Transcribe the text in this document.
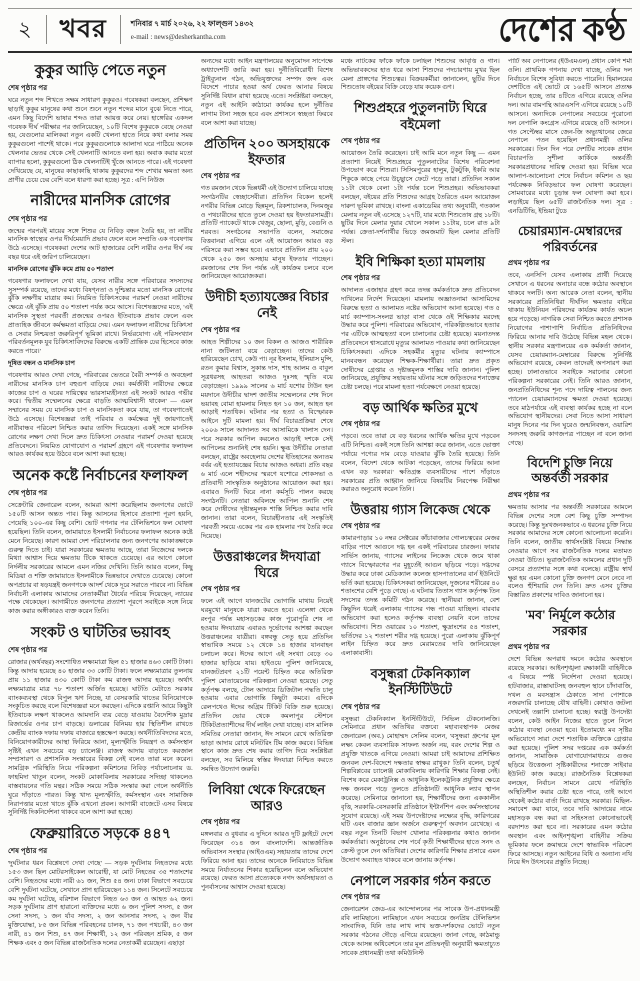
২	খবর	শনিবার ৭ মার্চ ২০২৬, ২২ ফাল্গুন ১৪৩২
e-mail : news@desherkantha.com	দেশের কণ্ঠ
কুকুর আড়ি পেতে নতুন
শেষ পৃষ্ঠার পর

ঘরে নতুন শব্দ শিখতে সক্ষম সাধারণ কুকুরও। গবেষকরা বলছেন, প্রশিক্ষণ ছাড়াই কুকুর মানুষের কথা শুনে শুনে নতুন শব্দের মানে বুঝে নিতে পারে, এমন কিছু বিদেশি ভাষার শব্দও তারা আয়ত্ত করে নেয়। হাঙ্গেরির একদল গবেষক দীর্ঘ পরীক্ষার পর জানিয়েছেন, ১০টি বিশেষ কুকুরকে বেছে নেওয়া হয়, যেগুলোর মালিকরা নতুন একটি খেলনা হাতে নিয়ে কথা বলার সময় কুকুরগুলো পাশেই থাকে। পরে কুকুরগুলোকে আলাদা ঘরে পাঠিয়ে অনেক খেলনার ভেতর থেকে সেই খেলনাটি আনতে বলা হয়। অবাক করার মতো ব্যাপার হলো, কুকুরগুলো ঠিক খেলনাটিই খুঁজে আনতে পারে। এই গবেষণা দেখিয়েছে যে, মানুষের কাছাকাছি থাকায় কুকুরদের শব্দ শেখার ক্ষমতা অন্য প্রাণীর চেয়ে ঢের বেশি বলে ধারণা করা হচ্ছে। সূত্র : এপি নিউজ

নারীদের মানসিক রোগের
শেষ পৃষ্ঠার পর

জন্মের পরপরই মায়ের সঙ্গে শিশুর যে নিবিড় বন্ধন তৈরি হয়, তা নারীর মানসিক স্বাস্থ্যের ওপর দীর্ঘমেয়াদি প্রভাব ফেলে বলে সম্প্রতি এক গবেষণায় উঠে এসেছে। গবেষকরা দেশের আট হাজারের বেশি নারীর ওপর দীর্ঘ নয় বছর ধরে এই জরিপ চালিয়েছেন।

মানসিক রোগের ঝুঁকি কমে প্রায় ৫০ শতাংশ

গবেষণার ফলাফলে দেখা যায়, যেসব নারীর সঙ্গে পরিবারের সদস্যদের সুসম্পর্ক রয়েছে, তাদের মধ্যে বিষণ্নতা ও দুশ্চিন্তার মতো মানসিক রোগের ঝুঁকি লক্ষণীয় মাত্রায় কম। নিয়মিত চিকিৎসকের পরামর্শ নেওয়া নারীদের ক্ষেত্রে এই ঝুঁকি প্রায় ৫০ শতাংশ পর্যন্ত কমে আসে। বিশেষজ্ঞদের মতে, 'এই মানসিক সুস্থতা পরবর্তী প্রজন্মের ওপরও ইতিবাচক প্রভাব ফেলে এবং প্রাত্যহিক জীবনে কর্মক্ষমতা বাড়িয়ে দেয়। এমন ফলাফল নারীদের চিকিৎসা ও সেবার নিশ্চয়তা জরুরিপূর্ণ ভূমিকা রাখে। নির্ভরযোগ্য এই পরিসংখ্যান পরিবর্তনমূলক যুব চিকিৎসাবিদদের বিরুদ্ধে একটি প্রান্তিক ঢের হিসেবে কাজ করতে পারে।'

দূষিত বন্ধন ও মানসিক চাপ

গবেষণায় আরও দেখা গেছে, পরিবারের ভেতরে বৈরী সম্পর্ক ও অবহেলা নারীদের মানসিক চাপ বহুগুণ বাড়িয়ে দেয়। কর্মজীবী নারীদের ক্ষেত্রে কাজের চাপ ও ঘরের দায়িত্বের ভারসাম্যহীনতা এই সংকট আরও গভীর করে। 'দ্বিতীয় সম্মেলনের ক্ষেত্রে বাড়তি আত্মবিশ্বাসী থাকেন' — এমন সম্মানের সময় যে মানসিক চাপ ও মানসিকতা কমে যায়, তা গবেষণাতেই উঠে এসেছে। বিশেষজ্ঞরা তাই পরিবার ও কর্মক্ষেত্র দুই জায়গাতেই নারীবান্ধব পরিবেশ নিশ্চিত করার তাগিদ দিয়েছেন। একই সঙ্গে মানসিক রোগের লক্ষণ দেখা দিলে দ্রুত চিকিৎসা নেওয়ার পরামর্শ দেওয়া হয়েছে প্রতিবেদনে। নিয়মিত যোগাযোগ ও পরামর্শ গ্রহণে এই গবেষণার ফলাফল আরও কার্যকর হয়ে উঠবে বলে আশা করা হচ্ছে।

অনেক কষ্টে নির্বাচনের ফলাফল
শেষ পৃষ্ঠার পর

সেক্রেটারি জেনারেল বলেন, আমরা আশা করেছিলাম জনগণের ভোটে ১৫০টি আসন অন্তত পাব। কিন্তু আসনের হিসাবে প্রত্যাশা পূরণ হয়নি, পেয়েছি ১০০-এর কিছু বেশি। ভোট গণনার পর টেলিভিশনে ফল ঘোষণা হয়েছিল। তিনি বলেন, জামায়াতে ইসলামী নির্বাচনের ফলাফল অনেক কষ্টে মেনে নিয়েছে। কারণ আমরা দেশ পরিচালনার জন্য জনগণের আকাঙ্ক্ষাকে গুরুত্ব দিতে চাই। যারা সরকারের ক্ষমতায় আছে, তারা নিজেদের দলকে মিথ্যা আশ্বাস দিয়ে ক্ষমতায় টিকে থাকতে চেয়েছে। এর আগে কোনো নির্দলীয় সরকারের আমলে এমন নজির দেখিনি। তিনি আরও বলেন, কিছু মিডিয়া ও শক্তি জামায়াতে ইসলামীকে ভিন্নভাবে দেখাতে চেয়েছে। কোনো অপপ্রচার বা ষড়যন্ত্রই জনগণকে আদর্শ থেকে দূরে সরাতে পারবে না। বিভিন্ন নির্বাচনী এলাকায় আমাদের নেতাকর্মীরা ধৈর্যের পরিচয় দিয়েছেন, ন্যায়ের পক্ষে থেকেছেন। আগামীতে জনগণের প্রত্যাশা পূরণে সবাইকে সঙ্গে নিয়ে কাজ করার অঙ্গীকারও ব্যক্ত করেন তিনি।

সংকট ও ঘাটতির ভয়াবহ
শেষ পৃষ্ঠার পর

রোজার (অর্থবছর) সংশোধিত লক্ষ্যমাত্রা ছিল ৫১ হাজার ৪৬৩ কোটি টাকা। কিন্তু আদায় হয়েছে ৪০ হাজার ৩৩ কোটি টাকা। ফলে লক্ষ্যমাত্রার তুলনায় প্রায় ১১ হাজার ৪৩০ কোটি টাকা কম রাজস্ব আদায় হয়েছে। অর্থাৎ লক্ষ্যমাত্রার মাত্র ৭৮ শতাংশ অর্জিত হয়েছে। ঘাটতি মেটাতে সরকার ব্যাংকব্যবস্থা থেকে বিপুল ঋণ নিচ্ছে, যা বেসরকারি খাতের বিনিয়োগকে সংকুচিত করছে বলে বিশেষজ্ঞরা মনে করছেন। এদিকে রপ্তানি আয়ে কিছুটা ইতিবাচক লক্ষণ থাকলেও আমদানি ব্যয় বেড়ে যাওয়ায় বৈদেশিক মুদ্রার রিজার্ভের ওপর চাপ বাড়ছে। ডলারের বিনিময় হার স্থিতিশীল রাখতে কেন্দ্রীয় ব্যাংক দফায় দফায় বাজারে হস্তক্ষেপ করছে। অর্থনীতিবিদদের মতে, বিনিয়োগকারীদের আস্থা ফিরিয়ে আনা, মূল্যস্ফীতি নিয়ন্ত্রণ ও কর্মসংস্থান সৃষ্টিই এখন সবচেয়ে বড় চ্যালেঞ্জ। রাজস্ব আদায় বাড়াতে করজাল সম্প্রসারণ ও প্রশাসনিক সংস্কারের বিকল্প নেই বলেও তারা মনে করেন। সামগ্রিক পরিস্থিতি নিয়ে পরিকল্পনা কমিশনের নিবিড় পর্যালোচনায় ড. ফাহমিদা খাতুন বলেন, সংকট মোকাবিলায় সরকারের সদিচ্ছা থাকলেও বাস্তবায়নের গতি মন্থর। সঠিক সময়ে সঠিক সংস্কার করা গেলে অর্থনীতি ঘুরে দাঁড়াতে পারত। কিন্তু খাদ্য মূল্যস্ফীতি, কর্মসংস্থান এবং সামাজিক নিরাপত্তার মতো খাতে ঝুঁকি এখনো প্রবল। আগামী বাজেটে এসব বিষয়ে সুনির্দিষ্ট দিকনির্দেশনা থাকবে বলে আশা করা হচ্ছে।

ফেব্রুয়ারিতে সড়কে ৪৪৭
শেষ পৃষ্ঠার পর

'দুর্ঘটনার ধরন বিশ্লেষণে দেখা গেছে' — সড়ক দুর্ঘটনায় নিহতদের মধ্যে ১৫৩ জন ছিল মোটরসাইকেল আরোহী, যা মোট নিহতের ৩৫ শতাংশের বেশি। নিহতদের মধ্যে নারী ৬১ জন, শিশু ৫৪ জন। ঢাকা বিভাগে সবচেয়ে বেশি দুর্ঘটনা ঘটেছে, সেখানে প্রাণ হারিয়েছেন ১১৪ জন। সিলেটে সবচেয়ে কম দুর্ঘটনা ঘটেছে, বরিশাল বিভাগে নিহত ৬৩ জন ও আহত ৬২ জন। সড়ক দুর্ঘটনায় প্রাণ হারানো ব্যক্তিদের মধ্যে ৬ জন পুলিশ সদস্য, ৫ জন সেনা সদস্য, ১ জন র্যাব সদস্য, ২ জন আনসার সদস্য, ২ জন বীর মুক্তিযোদ্ধা, ৮৫ জন বিভিন্ন পরিবহনের চালক, ৭১ জন পথচারী, ৪৩ জন নারী, ৪১ জন শিশু, ৪৭ জন শিক্ষার্থী, ১২ জন পরিবহন শ্রমিক, ৫ জন শিক্ষক এবং ৫ জন বিভিন্ন রাজনৈতিক দলের নেতাকর্মী রয়েছেন। এছাড়া

অন্যদের মধ্যে আইন মন্ত্রণালয়ের অনুমোদন সাপেক্ষে অধ্যাদেশটি জারি করা হয়। দুর্নীতিবিরোধী বিশেষ ট্রাইব্যুনাল গঠন, অভিযুক্তদের সম্পদ জব্দ এবং বিদেশে পাচার হওয়া অর্থ ফেরত আনার বিষয়ে সুনির্দিষ্ট বিধান রাখা হয়েছে এতে। সংশ্লিষ্টরা বলছেন, নতুন এই আইনি কাঠামো কার্যকর হলে দুর্নীতির লাগাম টানা সহজ হবে এবং প্রশাসনে স্বচ্ছতা ফিরবে বলে আশা করা যাচ্ছে।

প্রতিদিন ২০০ অসহায়কে ইফতার
শেষ পৃষ্ঠার পর

গত রমজান থেকে ভিন্নধর্মী এই উদ্যোগ চালিয়ে যাচ্ছে সংগঠনটির স্বেচ্ছাসেবীরা। প্রতিদিন বিকেল হলেই নগরীর বিভিন্ন মোড়ে ছিন্নমূল, রিকশাচালক, দিনমজুর ও পথচারীদের হাতে তুলে দেওয়া হয় ইফতারসামগ্রী। প্রতিটি প্যাকেটে থাকে খেজুর, ছোলা, মুড়ি, বেগুনি ও শরবত। সংগঠনের সভাপতি বলেন, সমাজের বিত্তবানরা এগিয়ে এলে এই আয়োজন আরও বড় পরিসরে করা সম্ভব হবে। এভাবে প্রতিদিন প্রায় ২০০ থেকে ২৫০ জন অসহায় মানুষ ইফতার পাচ্ছেন। রমজানের শেষ দিন পর্যন্ত এই কার্যক্রম চলবে বলে জানিয়েছেন আয়োজকরা।

উদীচী হত্যাযজ্ঞের বিচার নেই
শেষ পৃষ্ঠার পর

আহত শিল্পীদের ১০ জন বিকল ও আজও শারীরিক নানা জটিলতা বয়ে বেড়াচ্ছেন। তাদের কেউ হারিয়েছেন চোখ, কেউ পা। নূর ইসলাম, ইলিয়াস মুন্সি, রতন কুমার বিশ্বাস, সুকান্ত দাস, শাহ আলম ও বাবুল সূত্রধরসহ আহতরা আজও দুঃসহ স্মৃতি বয়ে বেড়াচ্ছেন। ১৯৯৯ সালের ৬ মার্চ যশোর টাউন হল ময়দানে উদীচীর দ্বাদশ জাতীয় সম্মেলনের শেষ দিনে ভয়াবহ বোমা হামলায় নিহত হন ১০ জন, আহত হন আড়াই শতাধিক। ঘটনার পর হত্যা ও বিস্ফোরক আইনে দুটি মামলা হয়। দীর্ঘ বিচারপ্রক্রিয়া শেষে ২০০৬ সালে আদালত সব আসামিকে খালাস দেন। পরে সরকার আপিল করলেও আড়াই দশকে সেই আপিলের শুনানিই শেষ হয়নি। ক্ষুব্ধ উদীচীর নেতারা বলছেন, রাষ্ট্রের অবহেলায় দেশের ইতিহাসের অন্যতম বর্বর এই হত্যাযজ্ঞের বিচার আজও অধরা। প্রতি বছর ৬ মার্চ এলে শহীদদের স্মরণে যশোরে শোকসভা ও প্রতিবাদী সাংস্কৃতিক অনুষ্ঠানের আয়োজন করা হয়। এবারও দিনটি ঘিরে নানা কর্মসূচি পালন করছে সংগঠনটি। নেতারা অবিলম্বে আপিল শুনানি শেষ করে দোষীদের দৃষ্টান্তমূলক শাস্তি নিশ্চিত করার দাবি জানান। তারা বলেন, বিচারহীনতার এই সংস্কৃতিই পরবর্তী সময়ে একের পর এক হামলার পথ তৈরি করে দিয়েছে।

উত্তরাঞ্চলের ঈদযাত্রা ঘিরে
শেষ পৃষ্ঠার পর

ফলে এই আগে যানজটের ভোগান্তি মাথায় নিয়েই ঘরমুখো মানুষকে যাত্রা করতে হবে। এলেঙ্গা থেকে রংপুর পর্যন্ত মহাসড়কের কাজ পুরোপুরি শেষ না হওয়ায় ঈদযাত্রায় এবারও দুর্ভোগের আশঙ্কা করছেন উত্তরাঞ্চলের যাত্রীরা। বঙ্গবন্ধু সেতু হয়ে প্রতিদিন স্বাভাবিক সময়ে ১২ থেকে ১৪ হাজার যানবাহন চলাচল করে। ঈদের আগে এই সংখ্যা বেড়ে ৩০ হাজার ছাড়িয়ে যায়। হাইওয়ে পুলিশ জানিয়েছে, যানজটপ্রবণ ২১টি পয়েন্ট চিহ্নিত করে অতিরিক্ত পুলিশ মোতায়েনের পরিকল্পনা নেওয়া হয়েছে। সেতু কর্তৃপক্ষ বলছে, টোল আদায়ে ডিজিটাল পদ্ধতি চালু হওয়ায় এবার ভোগান্তি কিছুটা কমবে। এদিকে রেলপথেও ঈদের অগ্রিম টিকিট বিক্রি শুরু হয়েছে। প্রতিদিন ভোর থেকে কমলাপুর স্টেশনে টিকিটপ্রত্যাশীদের দীর্ঘ লাইন দেখা যাচ্ছে। বাস মালিক সমিতির নেতারা জানান, ঈদ সামনে রেখে অতিরিক্ত ভাড়া আদায় রোধে মনিটরিং টিম কাজ করবে। বিভিন্ন স্থানে কাজ দ্রুত শেষ করার তাগিদ দিয়ে সংশ্লিষ্টরা বলছেন, সব মিলিয়ে স্বস্তির ঈদযাত্রা নিশ্চিত করতে সমন্বিত উদ্যোগ জরুরি।

লিবিয়া থেকে ফিরেছেন আরও
শেষ পৃষ্ঠার পর

মঙ্গলবার ও বুধবার এ দুদিনে আরও দুটি ফ্লাইটে দেশে ফিরেছেন ৩১৪ জন বাংলাদেশি। আন্তর্জাতিক অভিবাসন সংস্থার (আইওএম) সহায়তায় তাদের দেশে ফিরিয়ে আনা হয়। তাদের অনেকে লিবিয়াতে বিভিন্ন সময়ে নির্যাতনের শিকার হয়েছিলেন বলে অভিযোগ রয়েছে। ফেরত আসা প্রত্যেককে নগদ অর্থসহায়তা ও পুনর্বাসনের আশ্বাস দেওয়া হয়েছে।

মঞ্চে নাটকের ফাঁকে ফাঁকে চলছিল শিশুদের আবৃত্তি ও গান। অভিভাবকদের হাত ধরে আসা শিশুদের পদচারণায় মুখর ছিল মেলা প্রাঙ্গণের শিশুচত্বর। বিক্রয়কর্মীরা জানালেন, ছুটির দিনে শিশুতোষ বইয়ের বিক্রি বেড়ে যায় কয়েক গুণ।

শিশুপ্রহরে পুতুলনাট্য ঘিরে বইমেলা
শেষ পৃষ্ঠার পর

আয়োজন তৈরি করেছেন। চাই আমি মনে নতুন কিছু — এমন প্রত্যাশা নিয়েই শিশুপ্রহরে পুতুলনাট্যের বিশেষ পরিবেশনা উপভোগ করে শিশুরা। সিসিমপুরের হালুম, টুকটুকি, ইকরি আর শিকুকে কাছে পেয়ে উচ্ছ্বাসে ফেটে পড়ে তারা। প্রতিদিন সকাল ১১টা থেকে বেলা ১টা পর্যন্ত চলে শিশুপ্রহর। অভিভাবকরা বলছেন, বইয়ের প্রতি শিশুদের আগ্রহ তৈরিতে এমন আয়োজন দারুণ ভূমিকা রাখছে। বাংলা একাডেমির তথ্য অনুযায়ী, গতকাল মেলায় নতুন বই এসেছে ১২৭টি, যার মধ্যে শিশুতোষ গ্রন্থ ১৮টি। ছুটির দিনে মেলার দুয়ার খোলে সকাল ১১টায়, চলে রাত ৯টা পর্যন্ত। ক্রেতা-দর্শনার্থীর ভিড়ে জমজমাট ছিল মেলার প্রতিটি স্টল।

ইবি শিক্ষিকা হত্যা মামলায়
শেষ পৃষ্ঠার পর

আদালত এজাহার গ্রহণ করে তদন্ত কর্মকর্তাকে দ্রুত প্রতিবেদন দাখিলের নির্দেশ দিয়েছেন। মামলায় অজ্ঞাতনামা আসামিদের বিরুদ্ধে হত্যা ও আলামত নষ্টের অভিযোগ আনা হয়েছে। গত ৫ মার্চ ক্যাম্পাস-সংলগ্ন ভাড়া বাসা থেকে ওই শিক্ষিকার মরদেহ উদ্ধার করে পুলিশ। পরিবারের অভিযোগ, পরিকল্পিতভাবে হত্যার পর এটিকে আত্মহত্যা বলে চালানোর চেষ্টা হয়েছে। ময়নাতদন্ত প্রতিবেদনে শ্বাসরোধে মৃত্যুর আলামত পাওয়ার কথা জানিয়েছেন চিকিৎসকরা। এদিকে সহকর্মীর মৃত্যুর ঘটনায় ক্যাম্পাসে মানববন্ধন করেছেন শিক্ষক-শিক্ষার্থীরা। তারা দ্রুত প্রকৃত দোষীদের গ্রেপ্তার ও দৃষ্টান্তমূলক শাস্তির দাবি জানান। পুলিশ জানিয়েছে, প্রযুক্তির সহায়তায় ঘটনার সঙ্গে জড়িতদের শনাক্তের চেষ্টা চলছে। পরে মামলা হত্যা পর্যবেক্ষণে নেওয়া হয়েছে।

বড় আর্থিক ক্ষতির মুখে
শেষ পৃষ্ঠার পর

পড়বে। তবে তারা যে বড় ধরনের আর্থিক ক্ষতির মুখে পড়বেন এটি নিশ্চিত। একই সঙ্গে তিনি আশঙ্কা করে জানান, এতে ভোক্তা পর্যায়ে পণ্যের দাম বেড়ে যাওয়ার ঝুঁকি তৈরি হয়েছে। তিনি বলেন, 'বিদেশ থেকে আটকা পড়েছেন, তাদের ফিরিয়ে আনা এখন বড় দরকার।' ক্ষতিগ্রস্ত ব্যবসায়ীদের পাশে দাঁড়াতে সরকারের প্রতি আহ্বান জানিয়ে বিষয়টির নিরপেক্ষ নিরীক্ষা করারও অনুরোধ করেন তিনি।

উত্তরায় গ্যাস লিকেজ থেকে
শেষ পৃষ্ঠার পর

কামারপাড়ার ১০ নম্বর সেক্টরের কাঁচাবাজার গোলচত্বরের মেজর বাড়ির পাশে আগুনে দগ্ধ হন একই পরিবারের চারজন। ফায়ার সার্ভিস জানায়, গ্যাসের লাইনের লিকেজ থেকে জমে থাকা গ্যাসে বিস্ফোরণের পর মুহূর্তেই আগুন ছড়িয়ে পড়ে। দগ্ধদের উদ্ধার করে ঢাকা মেডিক্যাল কলেজ হাসপাতালের বার্ন ইউনিটে ভর্তি করা হয়েছে। চিকিৎসকরা জানিয়েছেন, দুজনের শরীরের ৪০ শতাংশের বেশি পুড়ে গেছে। এ ঘটনায় তিতাস গ্যাস কর্তৃপক্ষ তিন সদস্যের তদন্ত কমিটি গঠন করেছে। স্থানীয়রা জানান, বেশ কিছুদিন ধরেই এলাকায় গ্যাসের গন্ধ পাওয়া যাচ্ছিল। বারবার অভিযোগ করা হলেও কর্তৃপক্ষ ব্যবস্থা নেয়নি বলে তাদের অভিযোগ। শিশু ওয়ারের ১০ শতাংশ, ক্ষুদ্রাংশের ৫৪ শতাংশ, ভর্তিদের ১২ শতাংশ শরীর দগ্ধ হয়েছে। পুরো এলাকায় ঝুঁকিপূর্ণ লাইন চিহ্নিত করে দ্রুত মেরামতের দাবি জানিয়েছেন এলাকাবাসী।

বসুন্ধরা টেকনিক্যাল ইনস্টিটিউটে
শেষ পৃষ্ঠার পর

বসুন্ধরা টেকনিক্যাল ইনস্টিটিউটে, সিভিল টেকনোলজি। সেমিনারে প্রধান অতিথির বক্তব্যে মহাব্যবস্থাপক মেজর জেনারেল (অব.) মোহাম্মদ সেলিম বলেন, 'বসুন্ধরা গ্রুপের মূল লক্ষ্য কেবল ব্যবসায়িক সাফল্য অর্জন নয়, বরং দেশের শিল্প ও প্রযুক্তি খাতকে এগিয়ে নেওয়া। আমরা চাই আমাদের প্রশিক্ষিত জনবল দেশ-বিদেশে দক্ষতার স্বাক্ষর রাখুক।' তিনি বলেন, চতুর্থ শিল্পবিপ্লবের চ্যালেঞ্জ মোকাবিলায় কারিগরি শিক্ষার বিকল্প নেই। বিশেষ করে মেকাট্রনিক্স ও আধুনিক ইলেকট্রনিক প্রযুক্তির ক্ষেত্রে দক্ষ জনবল গড়ে তুলতে প্রতিষ্ঠানটি আধুনিক ল্যাব স্থাপন করেছে। সেমিনারে জানানো হয়, শিক্ষার্থীদের জন্য এককালীন বৃত্তি, সরকারি-বেসরকারি প্রতিষ্ঠানে ইন্টার্নশিপ এবং কর্মসংস্থানের সুযোগ রয়েছে। এই সময় উপদেষ্টাদের লক্ষ্যের বৃদ্ধি, কারিগরের ঘটি এবং বাজার জ্ঞান অর্জনে গুরুত্বপূর্ণ অবদান রেখেছে। এ বছর নতুন তিনটি বিভাগ খোলার পরিকল্পনার কথাও জানান কর্মকর্তারা। অনুষ্ঠানের শেষ পর্বে কৃতী শিক্ষার্থীদের হাতে সনদ ও ক্রেস্ট তুলে দেন অতিথিরা। দেশের কারিগরি শিক্ষার প্রসারে এমন উদ্যোগ অব্যাহত থাকবে বলে জানায় কর্তৃপক্ষ।

নেপালে সরকার গঠন করতে
শেষ পৃষ্ঠার পর

জেনারেশন জেড-এর আন্দোলনের পর সাবেক উপ-প্রধানমন্ত্রী রবি লামিছানে। লামিছানে এখন সবচেয়ে জনপ্রিয় টেলিভিশন সাংবাদিক, যিনি তার লাখ লাখ ভক্ত-দর্শকদের ভোটে নতুন সরকার গঠনের দৌড়ে এগিয়ে রয়েছেন। জানা গেছে, কাঠমান্ডু থেকে আসন্ন অধিবেশনে তার মূল প্রতিদ্বন্দ্বী অনুযায়ী ক্ষমতাচ্যুত সাবেক প্রধানমন্ত্রী তথা কমিউনিস্ট

পার্টি অব নেপালের (ইউএমএল) প্রধান কেপি শর্মা ওলি। প্রাথমিক গণনায় দেখা যাচ্ছে, ওলির দল নির্বাচনে বিশেষ সুবিধা করতে পারেনি। হিমালয়ের দেশটিতে এই ভোটে যে ১৬৫টি আসনে প্রত্যক্ষ নির্বাচন হচ্ছে, তার ৪টিতে এগিয়ে রয়েছে ওলির দল। আর বামপন্থি আরএসপি এগিয়ে রয়েছে ১০টি আসনে। অন্যদিকে নেপালের সবচেয়ে পুরোনো দল নেপালি কংগ্রেস এগিয়ে রয়েছে ৫টি আসনে। গত সেপ্টেম্বর মাসে জেন-জি অভ্যুত্থানের জেরে নেপালে পতন হয়েছিল প্রধানমন্ত্রী ওলির সরকারের। তিন দিন পরে দেশটির সাবেক প্রধান বিচারপতি সুশীলা কার্কিকে অন্তর্বর্তী সরকারপ্রধানের দায়িত্ব দেওয়া হয়। বিভিন্ন ঘরে আলাপ-আলোচনা শেষে নির্বাচন কমিশন ও ছয় পর্যবেক্ষক নিবিড়ভাবে ফল ঘোষণা করেছেন। সোমবারের মধ্যে চূড়ান্ত ফল ঘোষণা করা হবে। লড়াইয়ে ছিল ৬৫টি রাজনৈতিক দল। সূত্র : এনডিটিভি, ইন্ডিয়া টুডে

চেয়ারম্যান-মেম্বারদের পরিবর্তনের
প্রথম পৃষ্ঠার পর

তবে, এনসিপি যেসব এলাকায় প্রার্থী দিয়েছে সেখানে এ ধরনের অনাচার বন্ধে কঠোর অবস্থানে থাকবে দলটি। অন্য আরেক নেতা বলেন, স্থানীয় সরকারের প্রতিনিধিরা দীর্ঘদিন ক্ষমতার বাইরে থাকায় ইউনিয়ন পরিষদের কার্যক্রম কার্যত অচল হয়ে পড়েছে। নাগরিক সেবা নিশ্চিত করতে প্রশাসক নিয়োগের পাশাপাশি নির্বাচিত প্রতিনিধিদের ফিরিয়ে আনার দাবি উঠেছে বিভিন্ন মহল থেকে। স্থানীয় সরকার মন্ত্রণালয়ের এক কর্মকর্তা জানান, যেসব চেয়ারম্যান-মেম্বারের বিরুদ্ধে সুনির্দিষ্ট অভিযোগ রয়েছে, কেবল তাদেরই অপসারণ করা হচ্ছে। ঢালাওভাবে সবাইকে সরানোর কোনো পরিকল্পনা সরকারের নেই। তিনি আরও জানান, জনপ্রতিনিধিদের শূন্য পদে দায়িত্ব পালনের জন্য প্যানেল চেয়ারম্যানদের ক্ষমতা দেওয়া হয়েছে। তবে মাঠপর্যায়ে এই ব্যবস্থা কার্যকর হচ্ছে না বলে অভিযোগ স্থানীয়দের। সেবা নিতে আসা সাধারণ মানুষ দিনের পর দিন ঘুরেও জন্মনিবন্ধন, ওয়ারিশ সনদসহ জরুরি কাগজপত্র পাচ্ছেন না বলে জানা গেছে।

বিদেশি চুক্তি নিয়ে অন্তর্বর্তী সরকার
প্রথম পৃষ্ঠার পর

ক্ষমতায় আসার পর অন্তর্বর্তী সরকারের আমলে বিভিন্ন দেশের সঙ্গে বেশ কিছু চুক্তি সম্পাদন করেছে। কিন্তু দুঃখজনকভাবে এ ধরনের চুক্তি নিয়ে সরকার আমাদের সঙ্গে কোনো আলোচনা করেনি। তিনি বলেন, জাতীয় স্বার্থসংশ্লিষ্ট বিষয়ে সিদ্ধান্ত নেওয়ার আগে সব রাজনৈতিক দলের মতামত নেওয়া উচিত। ভূরাজনৈতিক আমলের প্রধান দুটি বেসরে প্রত্যাশার সঙ্গে কথা বলেছে। রাষ্ট্রীয় স্বার্থ ক্ষুণ্ণ হয় এমন কোনো চুক্তি জনগণ মেনে নেবে না বলেও হুঁশিয়ারি দেন তিনি। দ্রুত এসব চুক্তির বিস্তারিত প্রকাশের দাবিও জানানো হয়।

'মব' নির্মূলে কঠোর সরকার
প্রথম পৃষ্ঠার পর

দেশে বিভিন্ন অপরাধ দমনে কঠোর অবস্থানে রয়েছে সরকার। আইনশৃঙ্খলা রক্ষাকারী বাহিনীকে এ বিষয়ে স্পষ্ট নির্দেশনা দেওয়া হয়েছে। হাটবাজার, রাস্তাঘাটসহ জনবহুল স্থানে চাঁদাবাজি, দখল ও মবসন্ত্রাস ঠেকাতে সাদা পোশাকে নজরদারি চালাচ্ছে যৌথ বাহিনী। কোথাও জটলা দেখলেই তল্লাশি চালানো হচ্ছে। স্বরাষ্ট্র উপদেষ্টা বলেন, কেউ আইন নিজের হাতে তুলে নিলে কঠোর ব্যবস্থা নেওয়া হবে। ইতোমধ্যে মব সৃষ্টির অভিযোগে সারা দেশে শতাধিক ব্যক্তিকে গ্রেপ্তার করা হয়েছে। পুলিশ সদর দপ্তরের এক কর্মকর্তা জানান, সামাজিক যোগাযোগমাধ্যমে গুজব ছড়িয়ে উত্তেজনা সৃষ্টিকারীদের শনাক্তে সাইবার ইউনিট কাজ করছে। রাজনৈতিক বিশ্লেষকরা বলছেন, নির্বাচন সামনে রেখে পরিস্থিতি অস্থিতিশীল করার চেষ্টা হতে পারে, তাই আগে থেকেই কঠোর বার্তা দিয়ে রাখছে সরকার। মিছিল-সমাবেশ করা যাবে, তবে দাবি আদায়ের নামে মহাসড়ক বন্ধ করা বা সহিংসতা কোনোভাবেই বরদাশত করা হবে না। সরকারের এমন কঠোর অবস্থান এবং আইনশৃঙ্খলা বাহিনীর সক্রিয় ভূমিকার ফলে ক্রমান্বয়ে দেশে স্বাভাবিক পরিবেশ ফিরে আসছে। নতুন আইনের বিধি ও অন্যান্য নথি নিয়ে ঈদ উৎসবের প্রস্তুতি নিচ্ছে।
